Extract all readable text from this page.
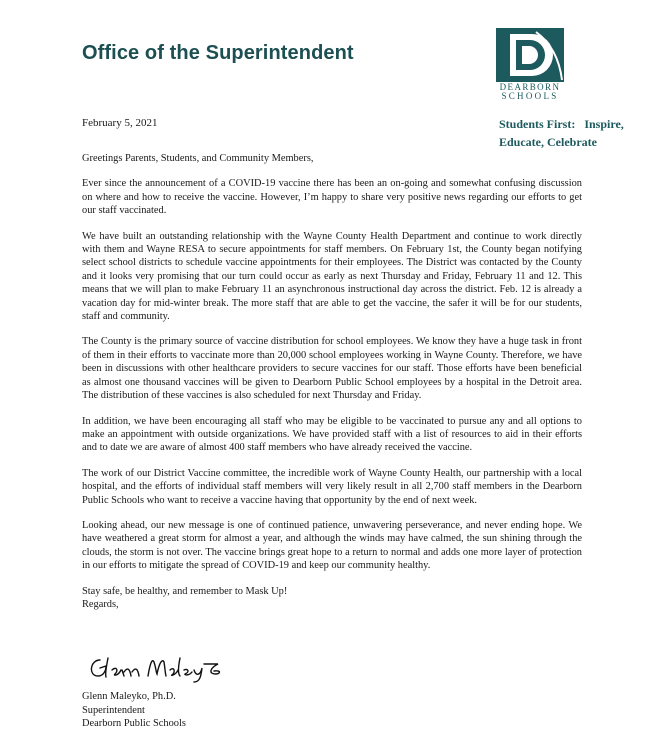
Office of the Superintendent
DEARBORN
SCHOOLS
Students First:   Inspire,
Educate, Celebrate
February 5, 2021

Greetings Parents, Students, and Community Members,

Ever since the announcement of a COVID-19 vaccine there has been an on-going and somewhat confusing discussion on where and how to receive the vaccine. However, I’m happy to share very positive news regarding our efforts to get our staff vaccinated.

We have built an outstanding relationship with the Wayne County Health Department and continue to work directly with them and Wayne RESA to secure appointments for staff members. On February 1st, the County began notifying select school districts to schedule vaccine appointments for their employees. The District was contacted by the County and it looks very promising that our turn could occur as early as next Thursday and Friday, February 11 and 12. This means that we will plan to make February 11 an asynchronous instructional day across the district. Feb. 12 is already a vacation day for mid-winter break. The more staff that are able to get the vaccine, the safer it will be for our students, staff and community.

The County is the primary source of vaccine distribution for school employees. We know they have a huge task in front of them in their efforts to vaccinate more than 20,000 school employees working in Wayne County. Therefore, we have been in discussions with other healthcare providers to secure vaccines for our staff. Those efforts have been beneficial as almost one thousand vaccines will be given to Dearborn Public School employees by a hospital in the Detroit area. The distribution of these vaccines is also scheduled for next Thursday and Friday.

In addition, we have been encouraging all staff who may be eligible to be vaccinated to pursue any and all options to make an appointment with outside organizations. We have provided staff with a list of resources to aid in their efforts and to date we are aware of almost 400 staff members who have already received the vaccine.

The work of our District Vaccine committee, the incredible work of Wayne County Health, our partnership with a local hospital, and the efforts of individual staff members will very likely result in all 2,700 staff members in the Dearborn Public Schools who want to receive a vaccine having that opportunity by the end of next week.

Looking ahead, our new message is one of continued patience, unwavering perseverance, and never ending hope. We have weathered a great storm for almost a year, and although the winds may have calmed, the sun shining through the clouds, the storm is not over. The vaccine brings great hope to a return to normal and adds one more layer of protection in our efforts to mitigate the spread of COVID-19 and keep our community healthy.

Stay safe, be healthy, and remember to Mask Up!

Regards,

Glenn Maleyko, Ph.D.
Superintendent
Dearborn Public Schools
